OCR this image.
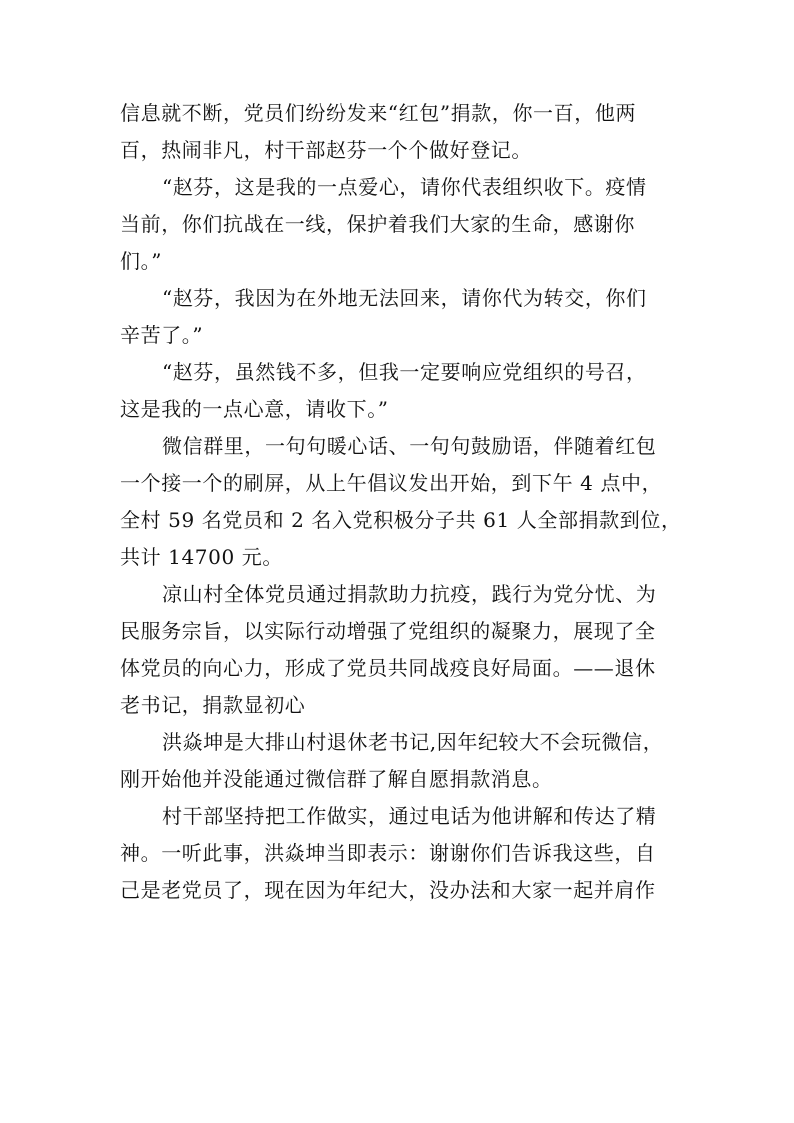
信息就不断，党员们纷纷发来“红包”捐款，你一百，他两
百，热闹非凡，村干部赵芬一个个做好登记。
“赵芬，这是我的一点爱心，请你代表组织收下。疫情
当前，你们抗战在一线，保护着我们大家的生命，感谢你
们。”
“赵芬，我因为在外地无法回来，请你代为转交，你们
辛苦了。”
“赵芬，虽然钱不多，但我一定要响应党组织的号召，
这是我的一点心意，请收下。”
微信群里，一句句暖心话、一句句鼓励语，伴随着红包
一个接一个的刷屏，从上午倡议发出开始，到下午 4 点中，
全村 59 名党员和 2 名入党积极分子共 61 人全部捐款到位，
共计 14700 元。
凉山村全体党员通过捐款助力抗疫，践行为党分忧、为
民服务宗旨，以实际行动增强了党组织的凝聚力，展现了全
体党员的向心力，形成了党员共同战疫良好局面。——退休
老书记，捐款显初心
洪焱坤是大排山村退休老书记,因年纪较大不会玩微信，
刚开始他并没能通过微信群了解自愿捐款消息。
村干部坚持把工作做实，通过电话为他讲解和传达了精
神。一听此事，洪焱坤当即表示：谢谢你们告诉我这些，自
己是老党员了，现在因为年纪大，没办法和大家一起并肩作
